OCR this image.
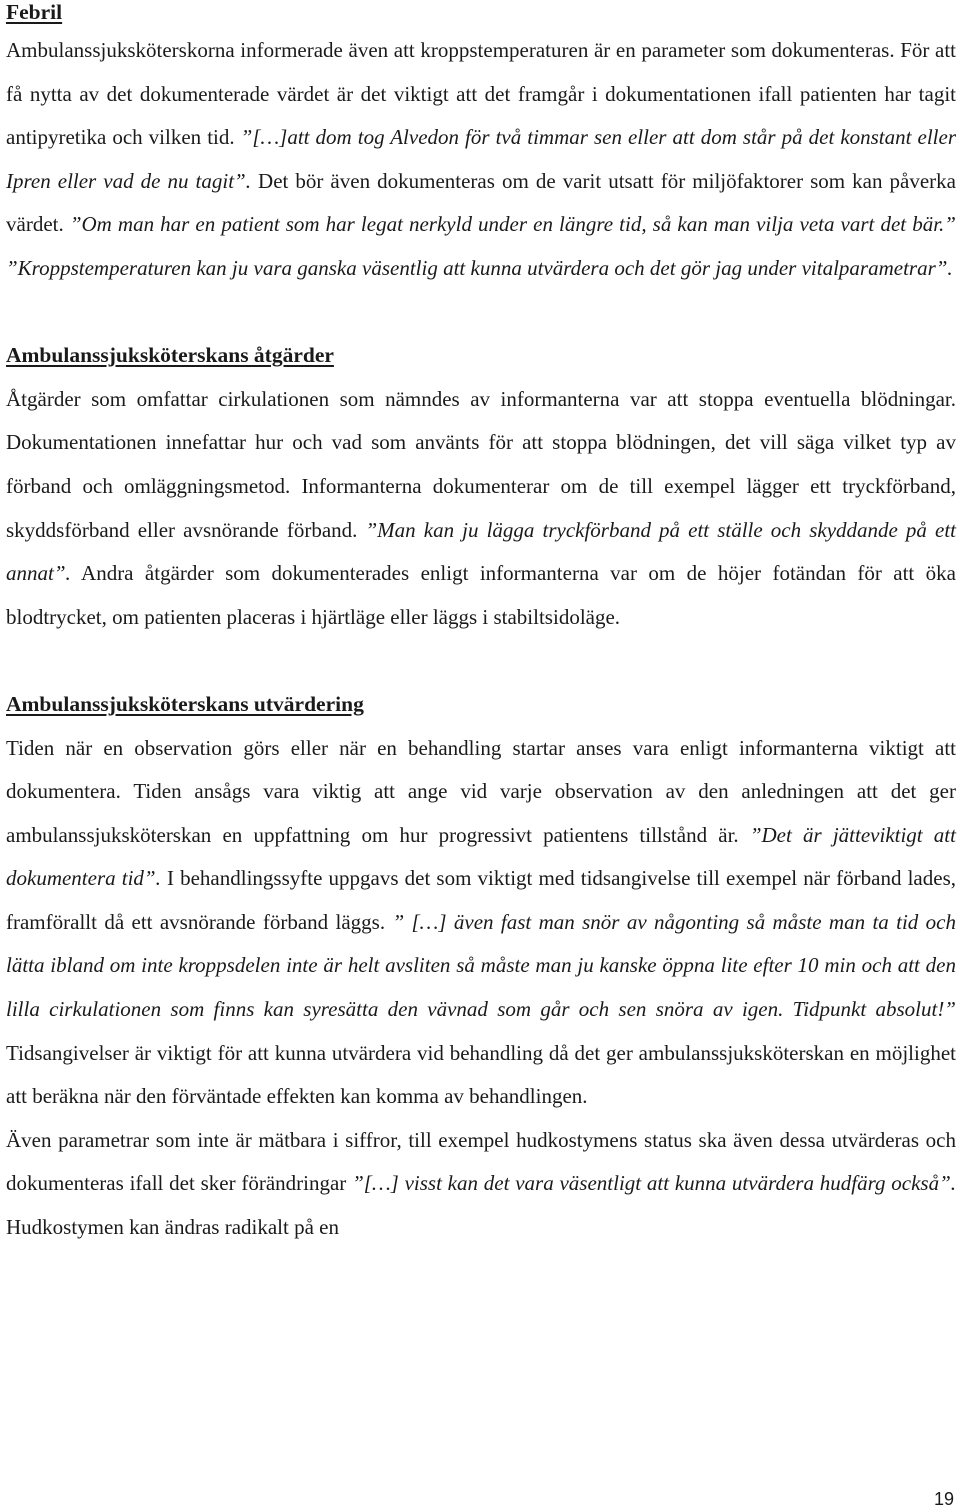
Febril

Ambulanssjuksköterskorna informerade även att kroppstemperaturen är en parameter som dokumenteras. För att få nytta av det dokumenterade värdet är det viktigt att det framgår i dokumentationen ifall patienten har tagit antipyretika och vilken tid. ”[…]att dom tog Alvedon för två timmar sen eller att dom står på det konstant eller Ipren eller vad de nu tagit”. Det bör även dokumenteras om de varit utsatt för miljöfaktorer som kan påverka värdet. ”Om man har en patient som har legat nerkyld under en längre tid, så kan man vilja veta vart det bär.” ”Kroppstemperaturen kan ju vara ganska väsentlig att kunna utvärdera och det gör jag under vitalparametrar”.

Ambulanssjuksköterskans åtgärder

Åtgärder som omfattar cirkulationen som nämndes av informanterna var att stoppa eventuella blödningar. Dokumentationen innefattar hur och vad som använts för att stoppa blödningen, det vill säga vilket typ av förband och omläggningsmetod. Informanterna dokumenterar om de till exempel lägger ett tryckförband, skyddsförband eller avsnörande förband. ”Man kan ju lägga tryckförband på ett ställe och skyddande på ett annat”. Andra åtgärder som dokumenterades enligt informanterna var om de höjer fotändan för att öka blodtrycket, om patienten placeras i hjärtläge eller läggs i stabiltsidoläge.

Ambulanssjuksköterskans utvärdering

Tiden när en observation görs eller när en behandling startar anses vara enligt informanterna viktigt att dokumentera. Tiden ansågs vara viktig att ange vid varje observation av den anledningen att det ger ambulanssjuksköterskan en uppfattning om hur progressivt patientens tillstånd är. ”Det är jätteviktigt att dokumentera tid”. I behandlingssyfte uppgavs det som viktigt med tidsangivelse till exempel när förband lades, framförallt då ett avsnörande förband läggs. ” […] även fast man snör av någonting så måste man ta tid och lätta ibland om inte kroppsdelen inte är helt avsliten så måste man ju kanske öppna lite efter 10 min och att den lilla cirkulationen som finns kan syresätta den vävnad som går och sen snöra av igen. Tidpunkt absolut!” Tidsangivelser är viktigt för att kunna utvärdera vid behandling då det ger ambulanssjuksköterskan en möjlighet att beräkna när den förväntade effekten kan komma av behandlingen.

Även parametrar som inte är mätbara i siffror, till exempel hudkostymens status ska även dessa utvärderas och dokumenteras ifall det sker förändringar ”[…] visst kan det vara väsentligt att kunna utvärdera hudfärg också”. Hudkostymen kan ändras radikalt på en

19
